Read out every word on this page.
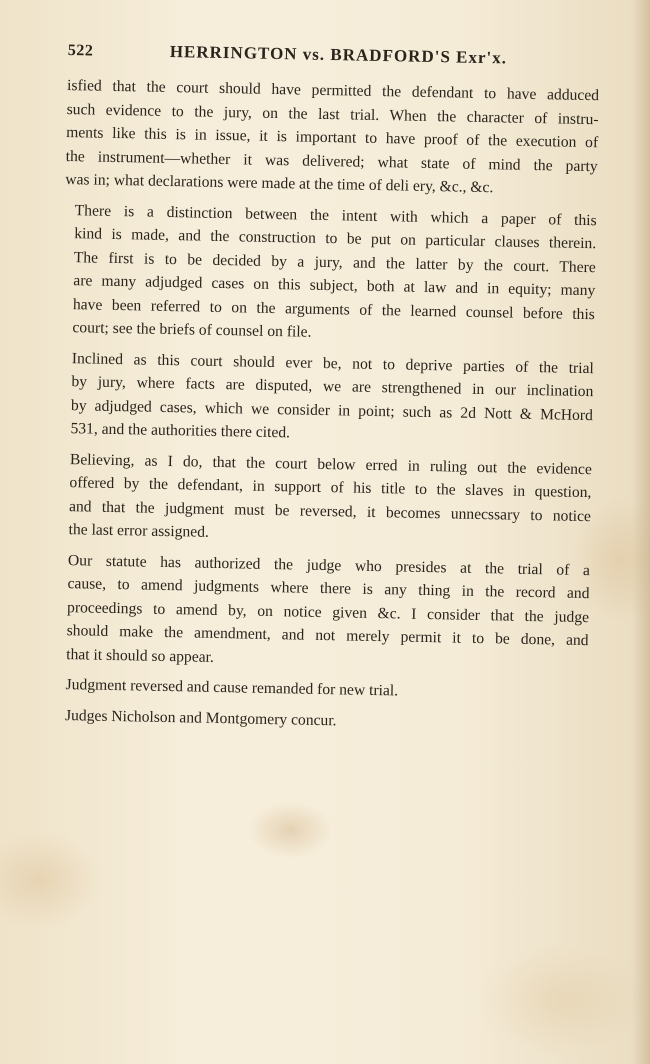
522	HERRINGTON vs. BRADFORD'S Exr'x.

isfied that the court should have permitted the defendant to have adduced
such evidence to the jury, on the last trial. When the character of instru-
ments like this is in issue, it is important to have proof of the execution of
the instrument—whether it was delivered; what state of mind the party
was in; what declarations were made at the time of deli ery, &c., &c.

There is a distinction between the intent with which a paper of this
kind is made, and the construction to be put on particular clauses therein.
The first is to be decided by a jury, and the latter by the court. There
are many adjudged cases on this subject, both at law and in equity; many
have been referred to on the arguments of the learned counsel before this
court; see the briefs of counsel on file.

Inclined as this court should ever be, not to deprive parties of the trial
by jury, where facts are disputed, we are strengthened in our inclination
by adjudged cases, which we consider in point; such as 2d Nott & McHord
531, and the authorities there cited.

Believing, as I do, that the court below erred in ruling out the evidence
offered by the defendant, in support of his title to the slaves in question,
and that the judgment must be reversed, it becomes unnecssary to notice
the last error assigned.

Our statute has authorized the judge who presides at the trial of a
cause, to amend judgments where there is any thing in the record and
proceedings to amend by, on notice given &c. I consider that the judge
should make the amendment, and not merely permit it to be done, and
that it should so appear.

Judgment reversed and cause remanded for new trial.

Judges Nicholson and Montgomery concur.
